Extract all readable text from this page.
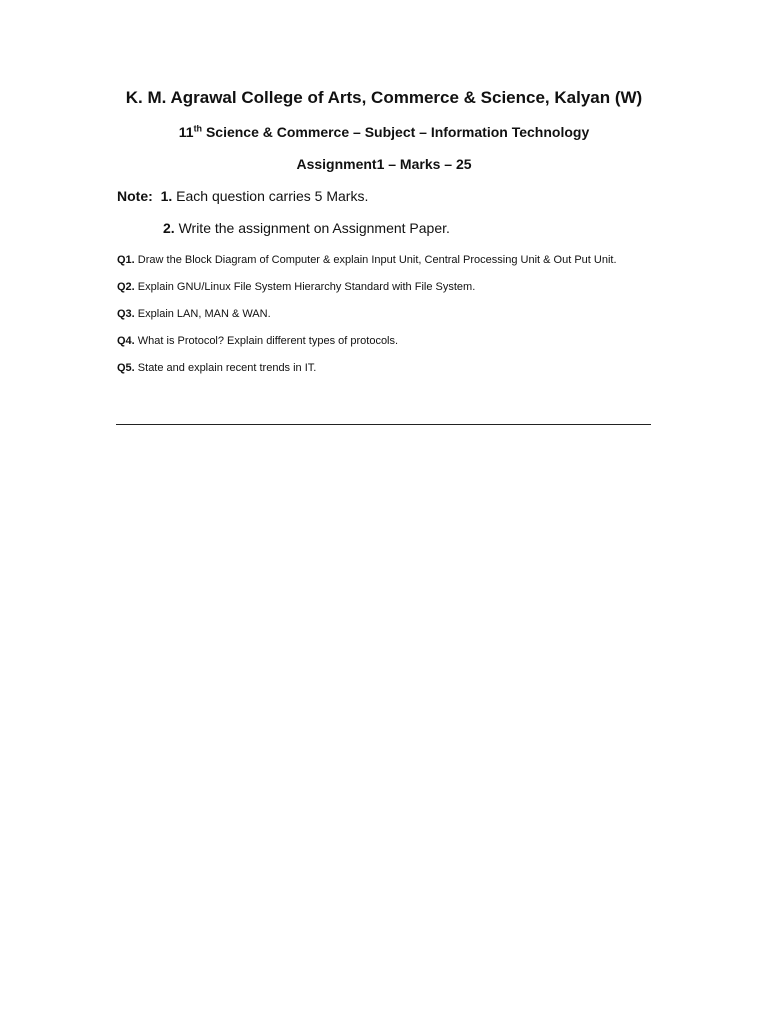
K. M. Agrawal College of Arts, Commerce & Science, Kalyan (W)
11th Science & Commerce – Subject – Information Technology
Assignment1 – Marks – 25
Note: 1. Each question carries 5 Marks.
2. Write the assignment on Assignment Paper.
Q1. Draw the Block Diagram of Computer & explain Input Unit, Central Processing Unit & Out Put Unit.
Q2. Explain GNU/Linux File System Hierarchy Standard with File System.
Q3. Explain LAN, MAN & WAN.
Q4. What is Protocol? Explain different types of protocols.
Q5. State and explain recent trends in IT.
